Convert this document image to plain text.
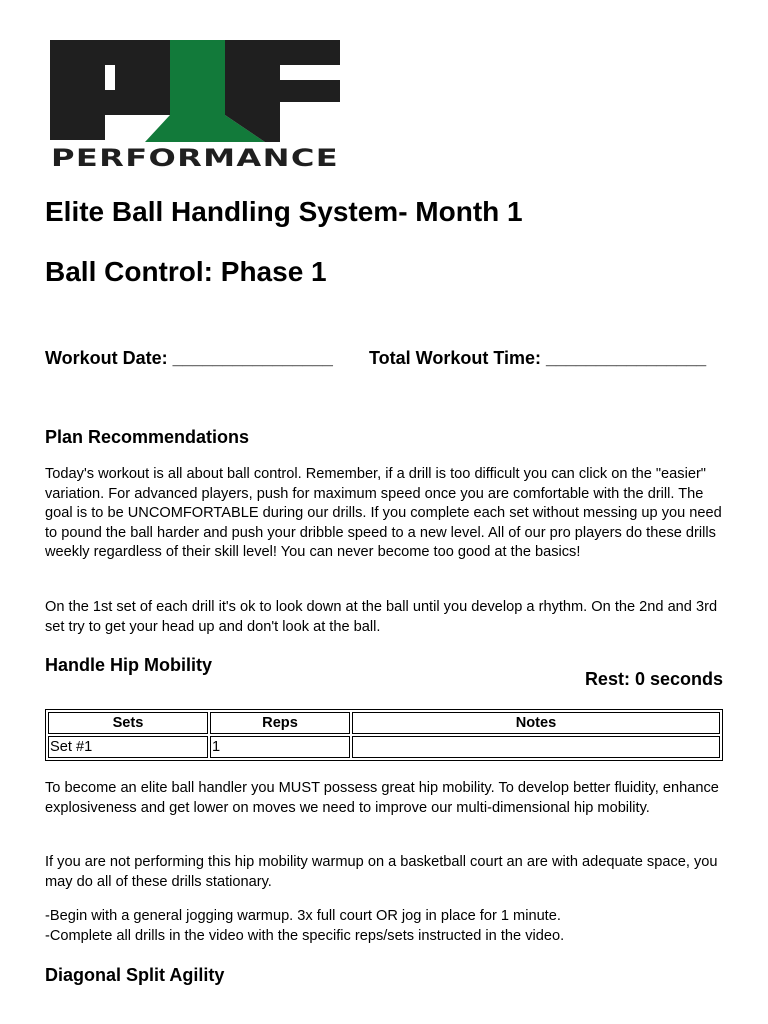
PERFORMANCE
Elite Ball Handling System- Month 1
Ball Control: Phase 1
Workout Date: ________________ Total Workout Time: ________________
Plan Recommendations

Today's workout is all about ball control. Remember, if a drill is too difficult you can click on the "easier" variation. For advanced players, push for maximum speed once you are comfortable with the drill. The goal is to be UNCOMFORTABLE during our drills. If you complete each set without messing up you need to pound the ball harder and push your dribble speed to a new level. All of our pro players do these drills weekly regardless of their skill level! You can never become too good at the basics!

On the 1st set of each drill it's ok to look down at the ball until you develop a rhythm. On the 2nd and 3rd set try to get your head up and don't look at the ball.

Handle Hip Mobility
Rest: 0 seconds
Sets	Reps	Notes
Set #1	1	

To become an elite ball handler you MUST possess great hip mobility. To develop better fluidity, enhance explosiveness and get lower on moves we need to improve our multi-dimensional hip mobility.

If you are not performing this hip mobility warmup on a basketball court an are with adequate space, you may do all of these drills stationary.

-Begin with a general jogging warmup. 3x full court OR jog in place for 1 minute.

-Complete all drills in the video with the specific reps/sets instructed in the video.

Diagonal Split Agility
